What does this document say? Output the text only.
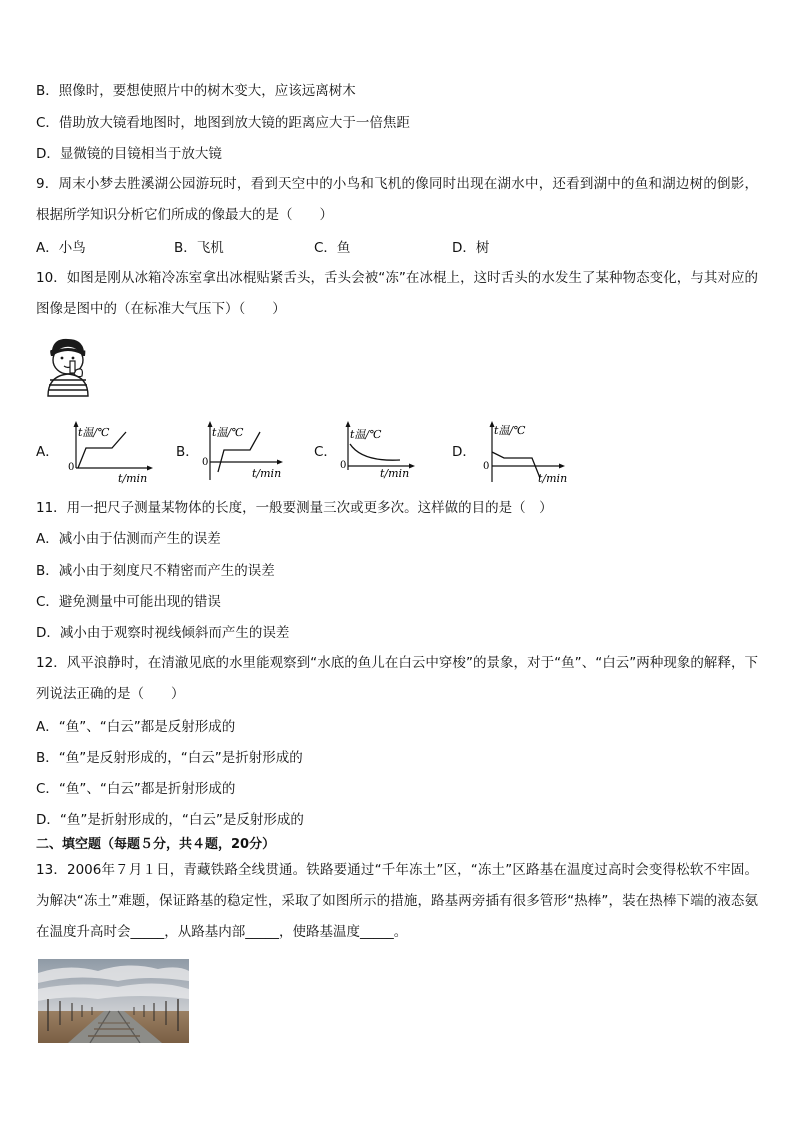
B．照像时，要想使照片中的树木变大，应该远离树木
C．借助放大镜看地图时，地图到放大镜的距离应大于一倍焦距
D．显微镜的目镜相当于放大镜
9．周末小梦去胜溪湖公园游玩时，看到天空中的小鸟和飞机的像同时出现在湖水中，还看到湖中的鱼和湖边树的倒影，根据所学知识分析它们所成的像最大的是（　　）
A．小鸟	B．飞机	C．鱼	D．树
10．如图是刚从冰箱冷冻室拿出冰棍贴紧舌头，舌头会被“冻”在冰棍上，这时舌头的水发生了某种物态变化，与其对应的图像是图中的（在标准大气压下）（　　）
A．
t温/℃
0
t/min
B．
t温/℃
0
t/min
C．
t温/℃
0
t/min
D．
t温/℃
0
t/min
11．用一把尺子测量某物体的长度，一般要测量三次或更多次。这样做的目的是（　）
A．减小由于估测而产生的误差
B．减小由于刻度尺不精密而产生的误差
C．避免测量中可能出现的错误
D．减小由于观察时视线倾斜而产生的误差
12．风平浪静时，在清澈见底的水里能观察到“水底的鱼儿在白云中穿梭”的景象，对于“鱼”、“白云”两种现象的解释，下列说法正确的是（　　）
A．“鱼”、“白云”都是反射形成的
B．“鱼”是反射形成的，“白云”是折射形成的
C．“鱼”、“白云”都是折射形成的
D．“鱼”是折射形成的，“白云”是反射形成的
二、填空题（每题５分，共４题，20分）
13．2006年７月１日，青藏铁路全线贯通。铁路要通过“千年冻土”区，“冻土”区路基在温度过高时会变得松软不牢固。为解决“冻土”难题，保证路基的稳定性，采取了如图所示的措施，路基两旁插有很多管形“热棒”，装在热棒下端的液态氨在温度升高时会_____，从路基内部_____，使路基温度_____。
